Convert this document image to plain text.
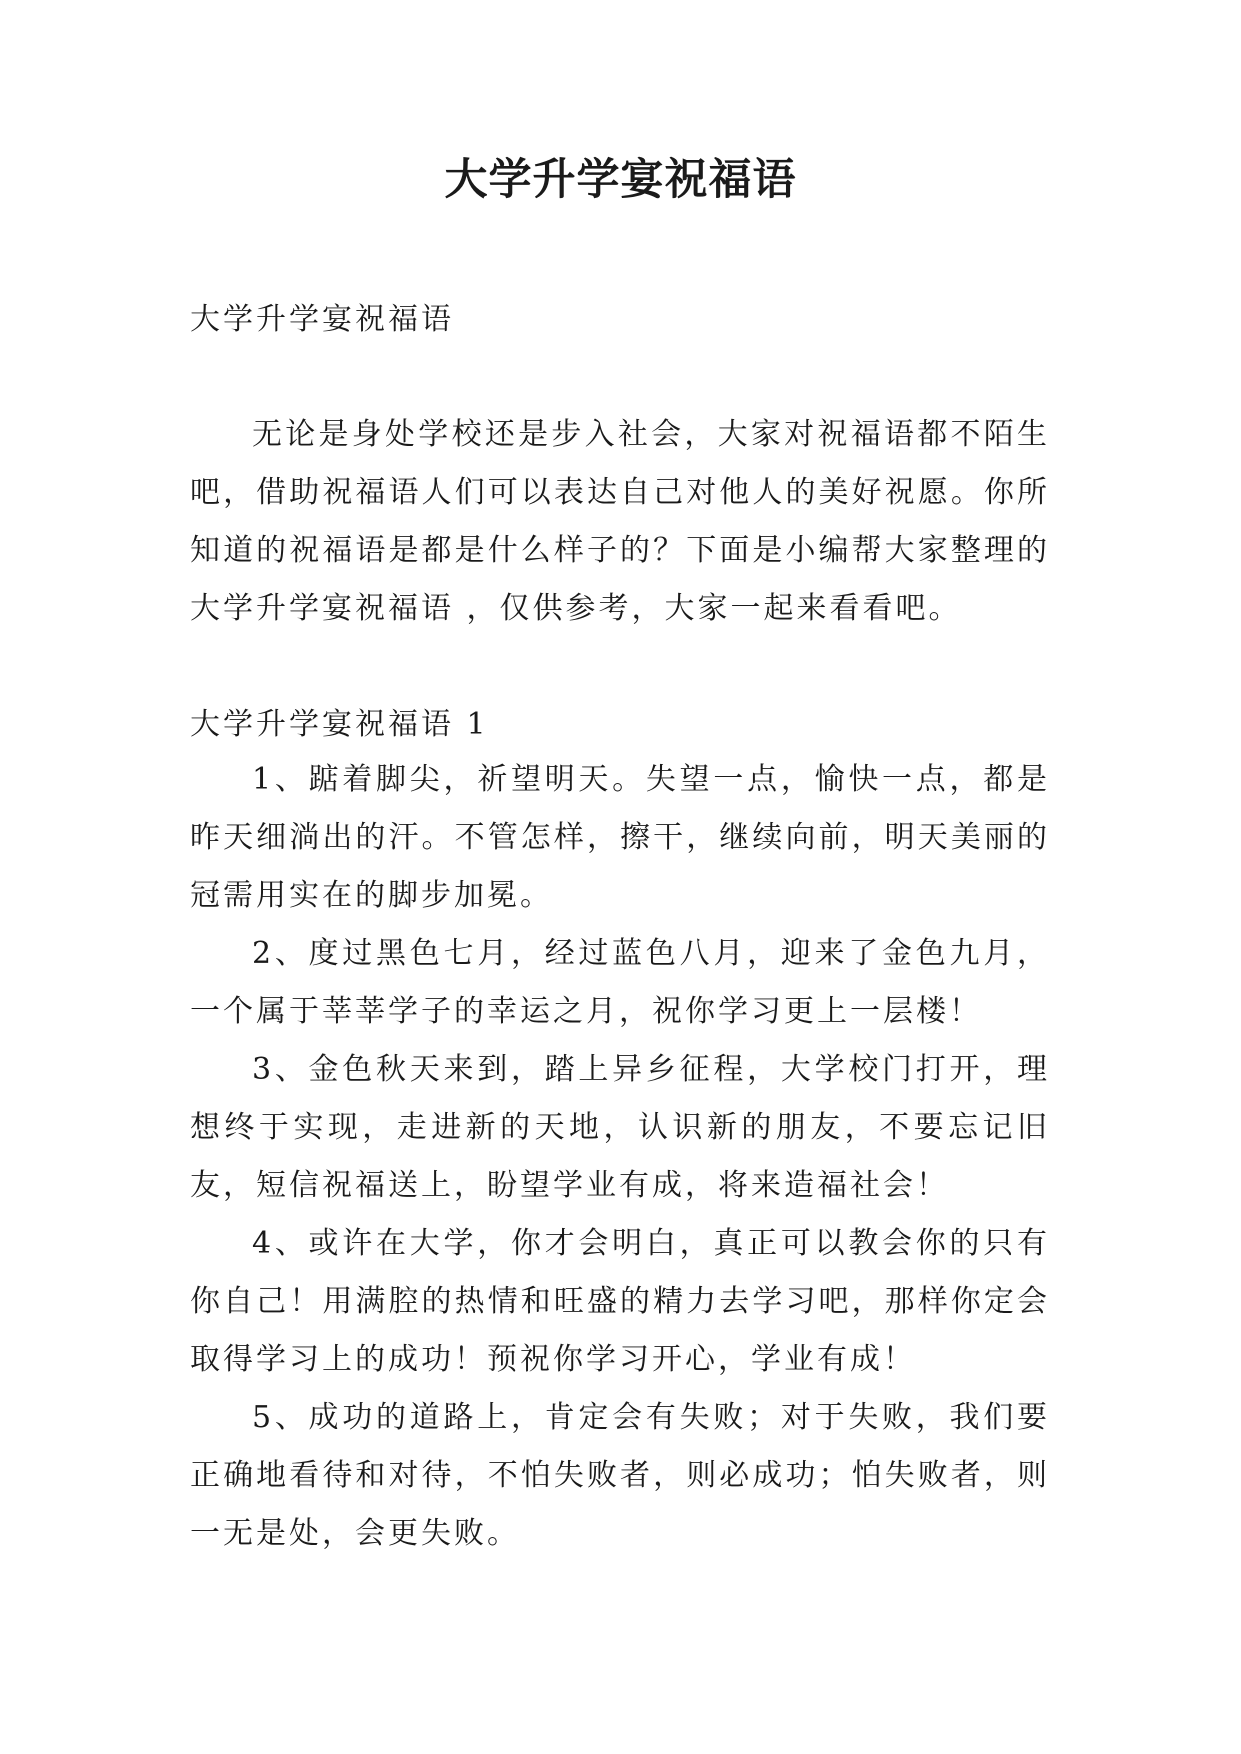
大学升学宴祝福语

大学升学宴祝福语

无论是身处学校还是步入社会，大家对祝福语都不陌生吧，借助祝福语人们可以表达自己对他人的美好祝愿。你所知道的祝福语是都是什么样子的？下面是小编帮大家整理的大学升学宴祝福语 ，仅供参考，大家一起来看看吧。

大学升学宴祝福语 1

1、踮着脚尖，祈望明天。失望一点，愉快一点，都是昨天细淌出的汗。不管怎样，擦干，继续向前，明天美丽的冠需用实在的脚步加冕。

2、度过黑色七月，经过蓝色八月，迎来了金色九月，一个属于莘莘学子的幸运之月，祝你学习更上一层楼！

3、金色秋天来到，踏上异乡征程，大学校门打开，理想终于实现，走进新的天地，认识新的朋友，不要忘记旧友，短信祝福送上，盼望学业有成，将来造福社会！

4、或许在大学，你才会明白，真正可以教会你的只有你自己！用满腔的热情和旺盛的精力去学习吧，那样你定会取得学习上的成功！预祝你学习开心，学业有成！

5、成功的道路上，肯定会有失败；对于失败，我们要正确地看待和对待，不怕失败者，则必成功；怕失败者，则一无是处，会更失败。
